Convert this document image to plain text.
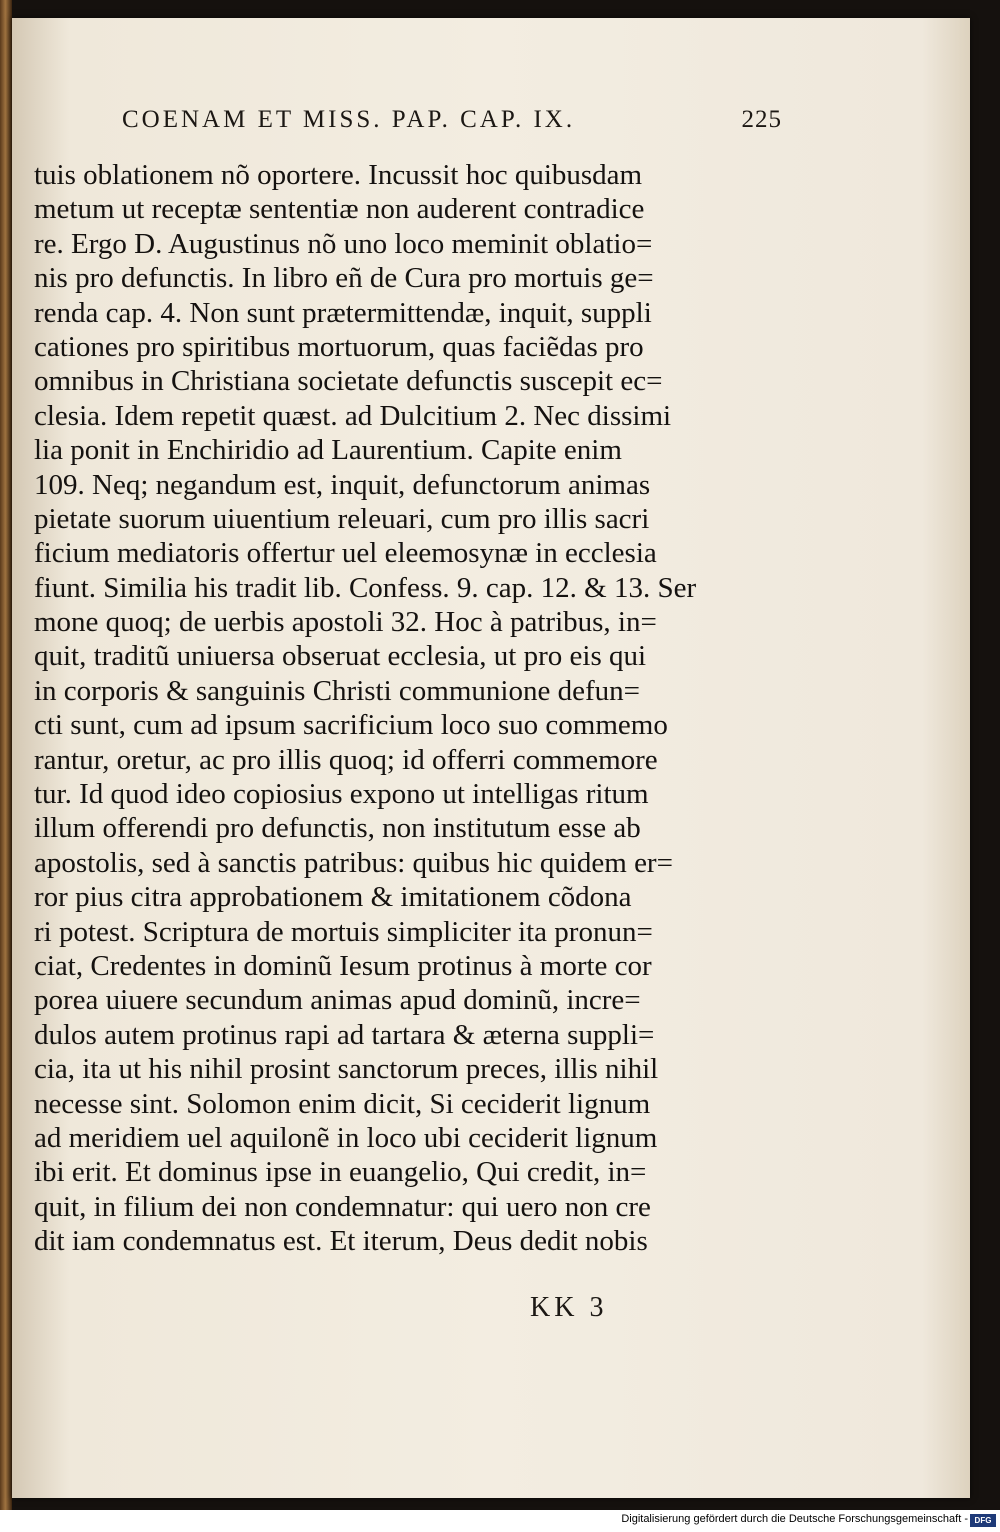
COENAM ET MISS. PAP. CAP. IX.	225
tuis oblationem nõ oportere. Incussit hoc quibusdam
metum ut receptæ sententiæ non auderent contradice
re. Ergo D. Augustinus nõ uno loco meminit oblatio=
nis pro defunctis. In libro eñ de Cura pro mortuis ge=
renda cap. 4. Non sunt prætermittendæ, inquit, suppli
cationes pro spiritibus mortuorum, quas faciẽdas pro
omnibus in Christiana societate defunctis suscepit ec=
clesia. Idem repetit quæst. ad Dulcitium 2. Nec dissimi
lia ponit in Enchiridio ad Laurentium. Capite enim
109. Neq; negandum est, inquit, defunctorum animas
pietate suorum uiuentium releuari, cum pro illis sacri
ficium mediatoris offertur uel eleemosynæ in ecclesia
fiunt. Similia his tradit lib. Confess. 9. cap. 12. & 13. Ser
mone quoq; de uerbis apostoli 32. Hoc à patribus, in=
quit, traditũ uniuersa obseruat ecclesia, ut pro eis qui
in corporis & sanguinis Christi communione defun=
cti sunt, cum ad ipsum sacrificium loco suo commemo
rantur, oretur, ac pro illis quoq; id offerri commemore
tur. Id quod ideo copiosius expono ut intelligas ritum
illum offerendi pro defunctis, non institutum esse ab
apostolis, sed à sanctis patribus: quibus hic quidem er=
ror pius citra approbationem & imitationem cõdona
ri potest. Scriptura de mortuis simpliciter ita pronun=
ciat, Credentes in dominũ Iesum protinus à morte cor
porea uiuere secundum animas apud dominũ, incre=
dulos autem protinus rapi ad tartara & æterna suppli=
cia, ita ut his nihil prosint sanctorum preces, illis nihil
necesse sint. Solomon enim dicit, Si ceciderit lignum
ad meridiem uel aquilonẽ in loco ubi ceciderit lignum
ibi erit. Et dominus ipse in euangelio, Qui credit, in=
quit, in filium dei non condemnatur: qui uero non cre
dit iam condemnatus est. Et iterum, Deus dedit nobis
KK 3
Digitalisierung gefördert durch die Deutsche Forschungsgemeinschaft - DFG
